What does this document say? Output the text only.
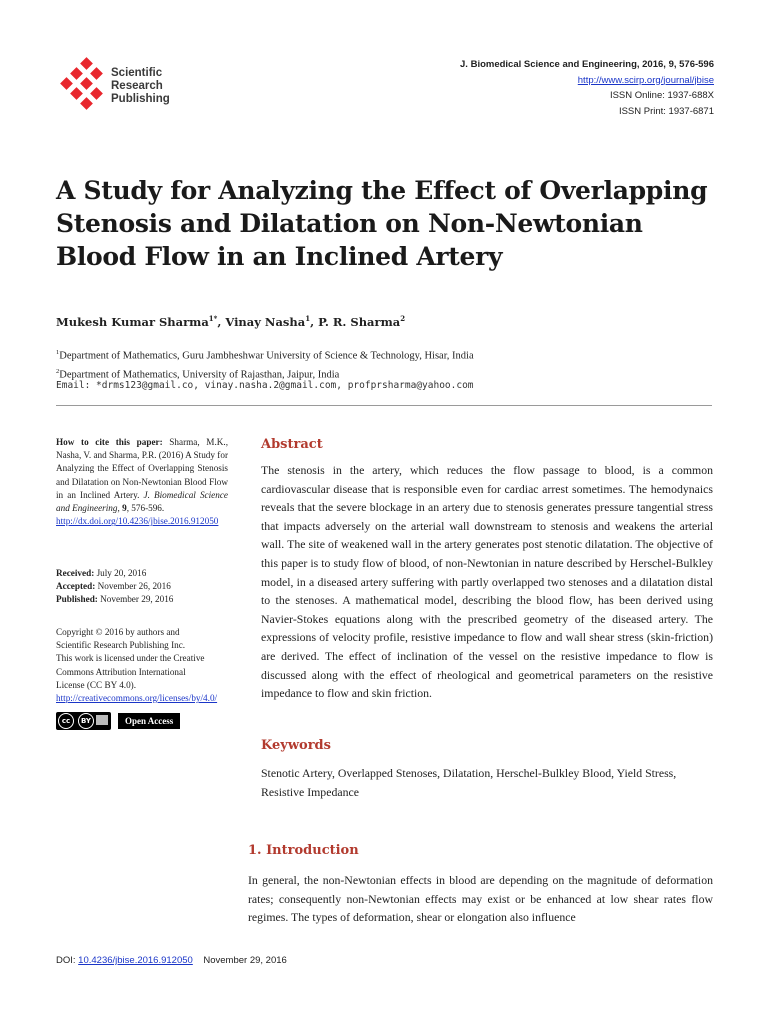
Scientific
Research
Publishing
J. Biomedical Science and Engineering, 2016, 9, 576-596
http://www.scirp.org/journal/jbise
ISSN Online: 1937-688X
ISSN Print: 1937-6871
A Study for Analyzing the Effect of Overlapping Stenosis and Dilatation on Non-Newtonian Blood Flow in an Inclined Artery
Mukesh Kumar Sharma$^{1*}$, Vinay Nasha$^1$, P. R. Sharma$^2$
$^1$Department of Mathematics, Guru Jambheshwar University of Science & Technology, Hisar, India
$^2$Department of Mathematics, University of Rajasthan, Jaipur, India
Email: *drms123@gmail.co, vinay.nasha.2@gmail.com, profprsharma@yahoo.com
How to cite this paper: Sharma, M.K., Nasha, V. and Sharma, P.R. (2016) A Study for Analyzing the Effect of Overlapping Stenosis and Dilatation on Non-Newtonian Blood Flow in an Inclined Artery. J. Biomedical Science and Engineering, 9, 576-596.
http://dx.doi.org/10.4236/jbise.2016.912050
Received: July 20, 2016
Accepted: November 26, 2016
Published: November 29, 2016
Copyright © 2016 by authors and
Scientific Research Publishing Inc.
This work is licensed under the Creative
Commons Attribution International
License (CC BY 4.0).
http://creativecommons.org/licenses/by/4.0/
cc	BY	Open Access
Abstract
The stenosis in the artery, which reduces the flow passage to blood, is a common cardiovascular disease that is responsible even for cardiac arrest sometimes. The hemodynaics reveals that the severe blockage in an artery due to stenosis generates pressure tangential stress that impacts adversely on the arterial wall downstream to stenosis and weakens the arterial wall. The site of weakened wall in the artery generates post stenotic dilatation. The objective of this paper is to study flow of blood, of non-Newtonian in nature described by Herschel-Bulkley model, in a diseased artery suffering with partly overlapped two stenoses and a dilatation distal to the stenoses. A mathematical model, describing the blood flow, has been derived using Navier-Stokes equations along with the prescribed geometry of the diseased artery. The expressions of velocity profile, resistive impedance to flow and wall shear stress (skin-friction) are derived. The effect of inclination of the vessel on the resistive impedance to flow is discussed along with the effect of rheological and geometrical parameters on the resistive impedance to flow and skin friction.
Keywords
Stenotic Artery, Overlapped Stenoses, Dilatation, Herschel-Bulkley Blood, Yield Stress, Resistive Impedance
1. Introduction
In general, the non-Newtonian effects in blood are depending on the magnitude of deformation rates; consequently non-Newtonian effects may exist or be enhanced at low shear rates flow regimes. The types of deformation, shear or elongation also influence
DOI: 10.4236/jbise.2016.912050 November 29, 2016
